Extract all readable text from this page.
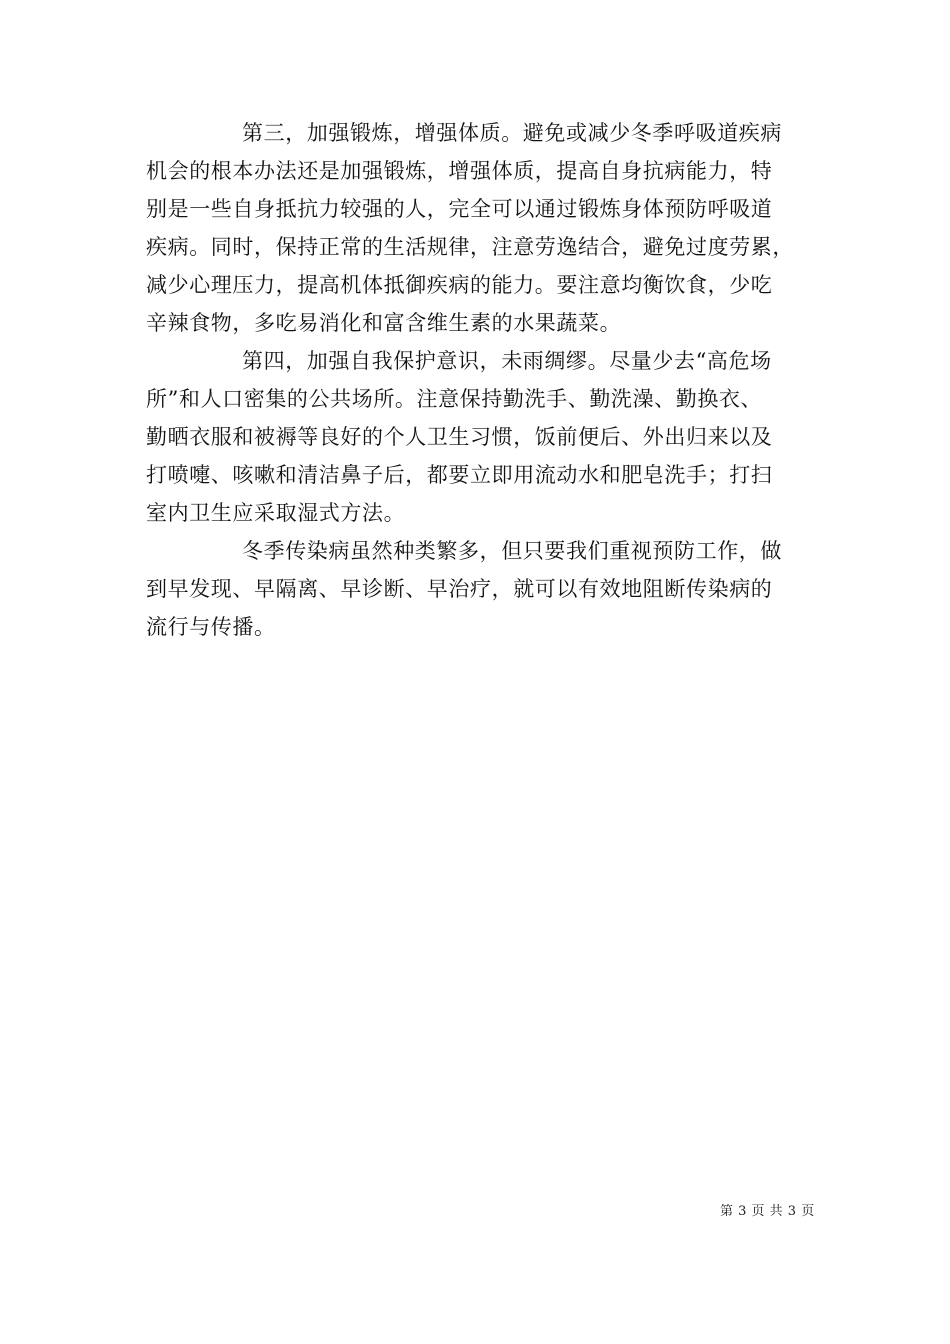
第三，加强锻炼，增强体质。避免或减少冬季呼吸道疾病
机会的根本办法还是加强锻炼，增强体质，提高自身抗病能力，特
别是一些自身抵抗力较强的人，完全可以通过锻炼身体预防呼吸道
疾病。同时，保持正常的生活规律，注意劳逸结合，避免过度劳累，
减少心理压力，提高机体抵御疾病的能力。要注意均衡饮食，少吃
辛辣食物，多吃易消化和富含维生素的水果蔬菜。
第四，加强自我保护意识，未雨绸缪。尽量少去“高危场
所”和人口密集的公共场所。注意保持勤洗手、勤洗澡、勤换衣、
勤晒衣服和被褥等良好的个人卫生习惯，饭前便后、外出归来以及
打喷嚏、咳嗽和清洁鼻子后，都要立即用流动水和肥皂洗手；打扫
室内卫生应采取湿式方法。
冬季传染病虽然种类繁多，但只要我们重视预防工作，做
到早发现、早隔离、早诊断、早治疗，就可以有效地阻断传染病的
流行与传播。
第 3 页 共 3 页
